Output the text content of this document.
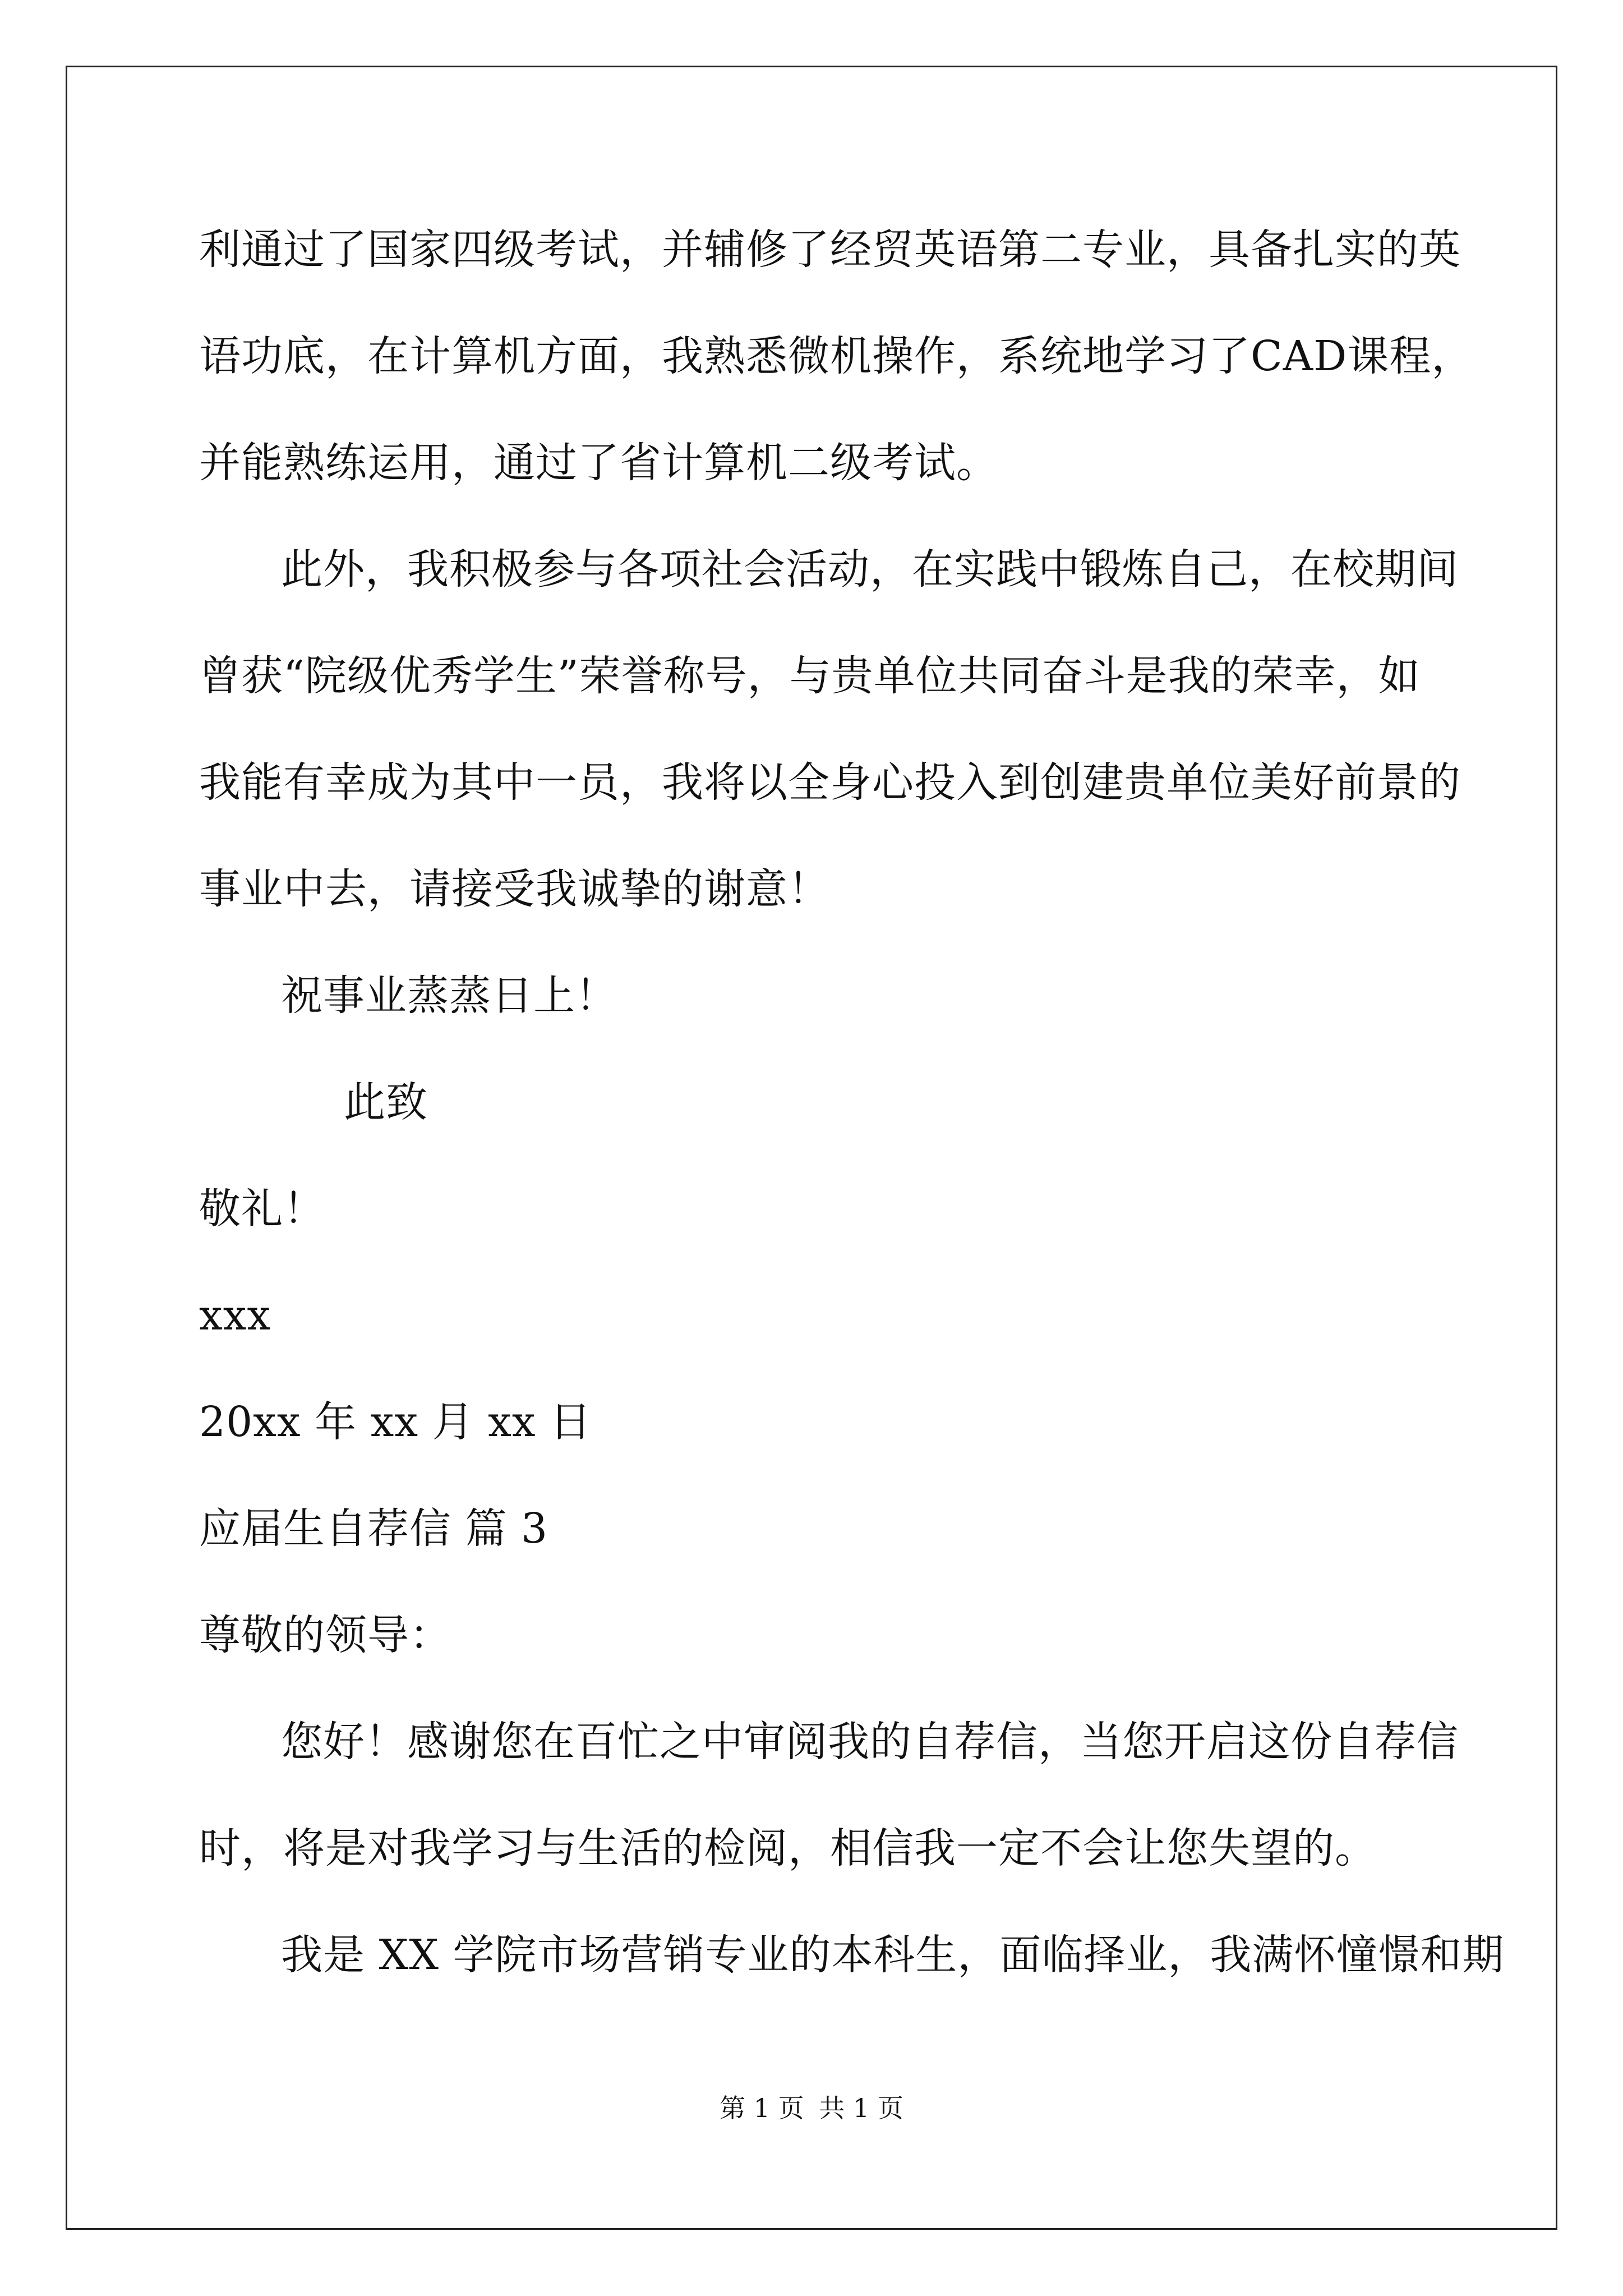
利通过了国家四级考试，并辅修了经贸英语第二专业，具备扎实的英
语功底，在计算机方面，我熟悉微机操作，系统地学习了CAD课程，
并能熟练运用，通过了省计算机二级考试。
此外，我积极参与各项社会活动，在实践中锻炼自己，在校期间
曾获“院级优秀学生”荣誉称号，与贵单位共同奋斗是我的荣幸，如
我能有幸成为其中一员，我将以全身心投入到创建贵单位美好前景的
事业中去，请接受我诚挚的谢意！
祝事业蒸蒸日上！
此致
敬礼！
xxx
20xx 年 xx 月 xx 日
应届生自荐信 篇 3
尊敬的领导：
您好！感谢您在百忙之中审阅我的自荐信，当您开启这份自荐信
时，将是对我学习与生活的检阅，相信我一定不会让您失望的。
我是 XX 学院市场营销专业的本科生，面临择业，我满怀憧憬和期
第 1 页 共 1 页
